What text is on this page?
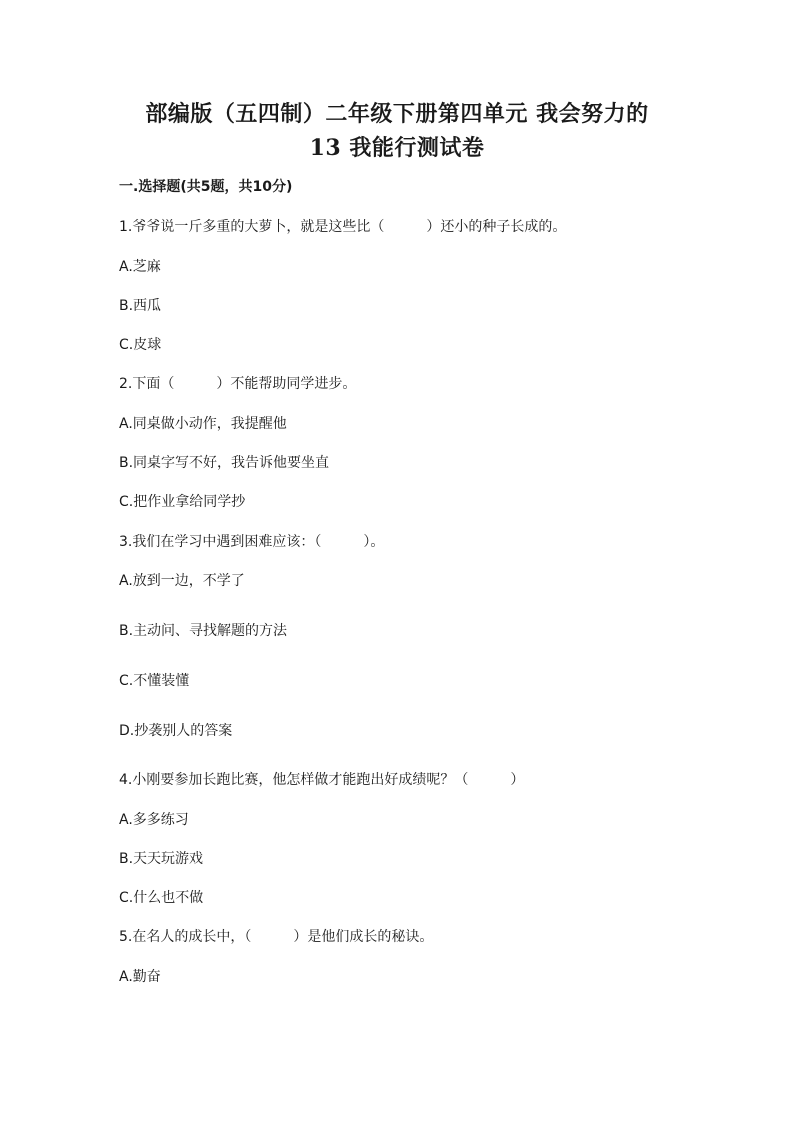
部编版（五四制）二年级下册第四单元 我会努力的
13 我能行测试卷
一.选择题(共5题，共10分)
1.爷爷说一斤多重的大萝卜，就是这些比（　　　）还小的种子长成的。
A.芝麻
B.西瓜
C.皮球
2.下面（　　　）不能帮助同学进步。
A.同桌做小动作，我提醒他
B.同桌字写不好，我告诉他要坐直
C.把作业拿给同学抄
3.我们在学习中遇到困难应该：（　　　）。
A.放到一边，不学了
B.主动问、寻找解题的方法
C.不懂装懂
D.抄袭别人的答案
4.小刚要参加长跑比赛，他怎样做才能跑出好成绩呢？（　　　）
A.多多练习
B.天天玩游戏
C.什么也不做
5.在名人的成长中，（　　　）是他们成长的秘诀。
A.勤奋
